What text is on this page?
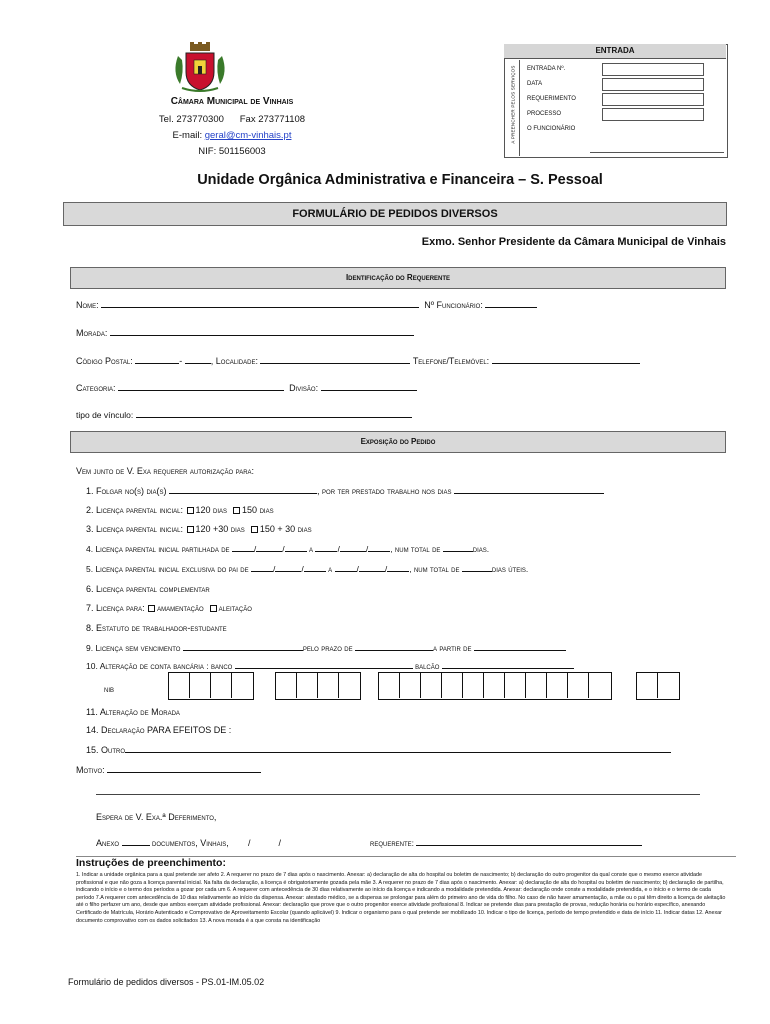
Câmara Municipal de Vinhais
Tel. 273770300 Fax 273771108
E-mail: geral@cm-vinhais.pt
NIF: 501156003
ENTRADA
A PREENCHER PELOS SERVIÇOS ENTRADA Nº.
DATA
REQUERIMENTO
PROCESSO
O FUNCIONÁRIO
Unidade Orgânica Administrativa e Financeira – S. Pessoal
FORMULÁRIO DE PEDIDOS DIVERSOS
Exmo. Senhor Presidente da Câmara Municipal de Vinhais
Identificação do Requerente
Nome:	Nº Funcionário:
Morada:
Código Postal:	-	, Localidade:	Telefone/Telemóvel:
Categoria:	Divisão:
tipo de vínculo:
Exposição do Pedido
Vem junto de V. Exa requerer autorização para:
1. Folgar no(s) dia(s)	, por ter prestado trabalho nos dias
2. Licença parental inicial: 120 dias 150 dias
3. Licença parental inicial: 120 +30 dias 150 + 30 dias
4. Licença parental inicial partilhada de	/	/	a	/	/	, num total de	dias.
5. Licença parental inicial exclusiva do pai de	/	/	a	/	/	, num total de	dias úteis.
6. Licença parental complementar
7. Licença para: amamentação aleitação
8. Estatuto de trabalhador-estudante
9. Licença sem vencimento	pelo prazo de	a partir de
10. Alteração de conta bancária : banco	balcão
nib
11. Alteração de Morada
14. Declaração PARA EFEITOS DE :
15. Outro
Motivo:
Espera de V. Exa.ª Deferimento,
Anexo	documentos, Vinhais, /	/	requerente:
Instruções de preenchimento:
1. Indicar a unidade orgânica para a qual pretende ser afeto 2. A requerer no prazo de 7 dias após o nascimento. Anexar: a) declaração de alta do hospital ou boletim de nascimento; b) declaração do outro progenitor da qual conste que o mesmo exerce atividade profissional e que não goza a licença parental inicial. Na falta da declaração, a licença é obrigatoriamente gozada pela mãe 3. A requerer no prazo de 7 dias após o nascimento. Anexar: a) declaração de alta do hospital ou boletim de nascimento; b) declaração de partilha, indicando o início e o termo dos períodos a gozar por cada um 6. A requerer com antecedência de 30 dias relativamente ao início da licença e indicando a modalidade pretendida. Anexar: declaração onde conste a modalidade pretendida, e o início e o termo de cada período 7.A requerer com antecedência de 10 dias relativamente ao início da dispensa. Anexar: atestado médico, se a dispensa se prolongar para além do primeiro ano de vida do filho. No caso de não haver amamentação, a mãe ou o pai têm direito a licença de aleitação até o filho perfazer um ano, desde que ambos exerçam atividade profissional. Anexar: declaração que prove que o outro progenitor exerce atividade profissional 8. Indicar se pretende dias para prestação de provas, redução horária ou horário específico, anexando Certificado de Matrícula, Horário Autenticado e Comprovativo de Aproveitamento Escolar (quando aplicável) 9. Indicar o organismo para o qual pretende ser mobilizado 10. Indicar o tipo de licença, período de tempo pretendido e data de início 11. Indicar datas 12. Anexar documento comprovativo com os dados solicitados 13. A nova morada é a que consta na identificação
Formulário de pedidos diversos - PS.01-IM.05.02
